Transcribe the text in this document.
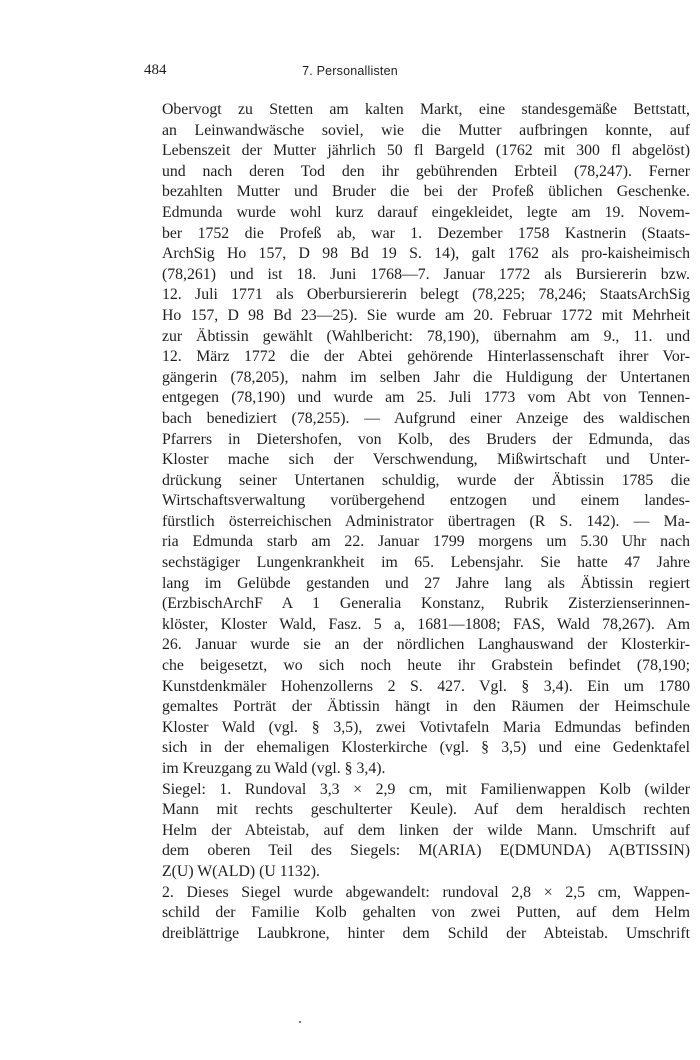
484	7. Personallisten
Obervogt zu Stetten am kalten Markt, eine standesgemäße Bettstatt,
an Leinwandwäsche soviel, wie die Mutter aufbringen konnte, auf
Lebenszeit der Mutter jährlich 50 fl Bargeld (1762 mit 300 fl abgelöst)
und nach deren Tod den ihr gebührenden Erbteil (78,247). Ferner
bezahlten Mutter und Bruder die bei der Profeß üblichen Geschenke.
Edmunda wurde wohl kurz darauf eingekleidet, legte am 19. Novem-
ber 1752 die Profeß ab, war 1. Dezember 1758 Kastnerin (Staats-
ArchSig Ho 157, D 98 Bd 19 S. 14), galt 1762 als pro-kaisheimisch
(78,261) und ist 18. Juni 1768—7. Januar 1772 als Bursiererin bzw.
12. Juli 1771 als Oberbursiererin belegt (78,225; 78,246; StaatsArchSig
Ho 157, D 98 Bd 23—25). Sie wurde am 20. Februar 1772 mit Mehrheit
zur Äbtissin gewählt (Wahlbericht: 78,190), übernahm am 9., 11. und
12. März 1772 die der Abtei gehörende Hinterlassenschaft ihrer Vor-
gängerin (78,205), nahm im selben Jahr die Huldigung der Untertanen
entgegen (78,190) und wurde am 25. Juli 1773 vom Abt von Tennen-
bach benediziert (78,255). — Aufgrund einer Anzeige des waldischen
Pfarrers in Dietershofen, von Kolb, des Bruders der Edmunda, das
Kloster mache sich der Verschwendung, Mißwirtschaft und Unter-
drückung seiner Untertanen schuldig, wurde der Äbtissin 1785 die
Wirtschaftsverwaltung vorübergehend entzogen und einem landes-
fürstlich österreichischen Administrator übertragen (R S. 142). — Ma-
ria Edmunda starb am 22. Januar 1799 morgens um 5.30 Uhr nach
sechstägiger Lungenkrankheit im 65. Lebensjahr. Sie hatte 47 Jahre
lang im Gelübde gestanden und 27 Jahre lang als Äbtissin regiert
(ErzbischArchF A 1 Generalia Konstanz, Rubrik Zisterzienserinnen-
klöster, Kloster Wald, Fasz. 5 a, 1681—1808; FAS, Wald 78,267). Am
26. Januar wurde sie an der nördlichen Langhauswand der Klosterkir-
che beigesetzt, wo sich noch heute ihr Grabstein befindet (78,190;
Kunstdenkmäler Hohenzollerns 2 S. 427. Vgl. § 3,4). Ein um 1780
gemaltes Porträt der Äbtissin hängt in den Räumen der Heimschule
Kloster Wald (vgl. § 3,5), zwei Votivtafeln Maria Edmundas befinden
sich in der ehemaligen Klosterkirche (vgl. § 3,5) und eine Gedenktafel
im Kreuzgang zu Wald (vgl. § 3,4).
Siegel: 1. Rundoval 3,3 × 2,9 cm, mit Familienwappen Kolb (wilder
Mann mit rechts geschulterter Keule). Auf dem heraldisch rechten
Helm der Abteistab, auf dem linken der wilde Mann. Umschrift auf
dem oberen Teil des Siegels: M(ARIA) E(DMUNDA) A(BTISSIN)
Z(U) W(ALD) (U 1132).
2. Dieses Siegel wurde abgewandelt: rundoval 2,8 × 2,5 cm, Wappen-
schild der Familie Kolb gehalten von zwei Putten, auf dem Helm
dreiblättrige Laubkrone, hinter dem Schild der Abteistab. Umschrift
